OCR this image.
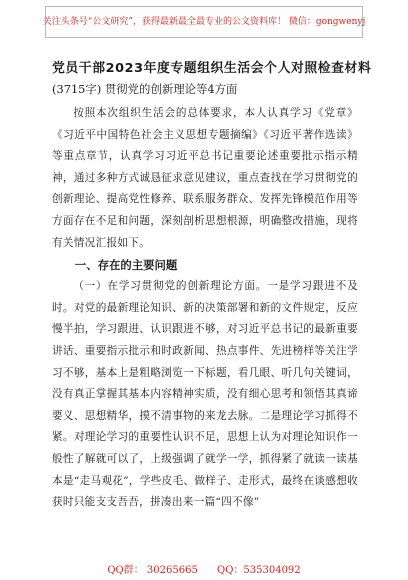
关注头条号“公文研究”，获得最新最全最专业的公文资料库！ 微信：gongwenyj

党员干部2023年度专题组织生活会个人对照检查材料

(3715字) 贯彻党的创新理论等4方面

按照本次组织生活会的总体要求，本人认真学习《党章》《习近平中国特色社会主义思想专题摘编》《习近平著作选读》等重点章节，认真学习习近平总书记重要论述重要批示指示精神，通过多种方式诚恳征求意见建议，重点查找在学习贯彻党的创新理论、提高党性修养、联系服务群众、发挥先锋模范作用等方面存在不足和问题，深刻剖析思想根源，明确整改措施，现将有关情况汇报如下。

一、存在的主要问题

（一）在学习贯彻党的创新理论方面。一是学习跟进不及时。对党的最新理论知识、新的决策部署和新的文件规定，反应慢半拍，学习跟进、认识跟进不够，对习近平总书记的最新重要讲话、重要指示批示和时政新闻、热点事件、先进榜样等关注学习不够，基本上是粗略浏览一下标题，看几眼、听几句关键词，没有真正掌握其基本内容精神实质，没有细心思考和领悟其真谛要义、思想精华，摸不清事物的来龙去脉。二是理论学习抓得不紧。对理论学习的重要性认识不足，思想上认为对理论知识作一般性了解就可以了，上级强调了就学一学，抓得紧了就读一读基本是“走马观花”，学些皮毛、做样子、走形式，最终在谈感想收获时只能支支吾吾，拼凑出来一篇“四不像”

QQ群： 30265665 QQ：535304092
